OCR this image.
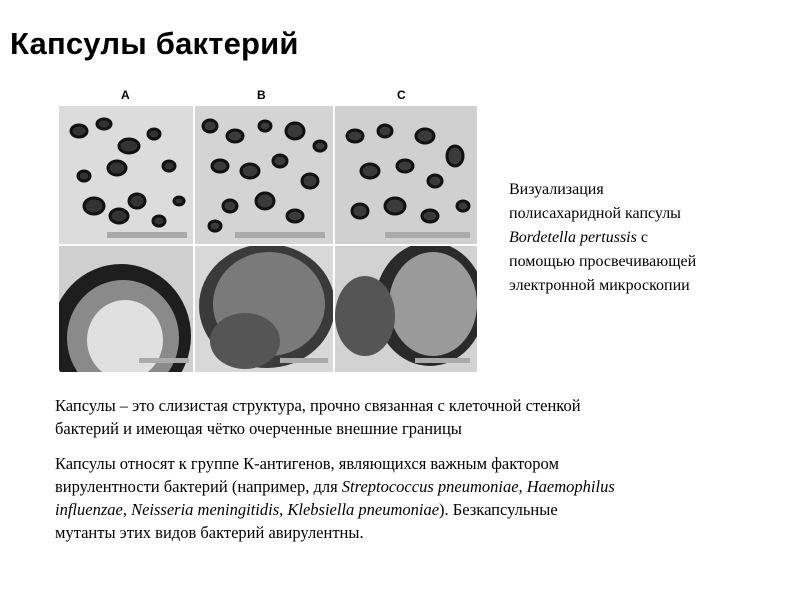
Капсулы бактерий
A	B	C
Визуализация
полисахаридной капсулы
Bordetella pertussis с
помощью просвечивающей
электронной микроскопии
Капсулы – это слизистая структура, прочно связанная с клеточной стенкой
бактерий и имеющая чётко очерченные внешние границы
Капсулы относят к группе К-антигенов, являющихся важным фактором
вирулентности бактерий (например, для Streptococcus pneumoniae, Haemophilus
influenzae, Neisseria meningitidis, Klebsiella pneumoniae). Безкапсульные
мутанты этих видов бактерий авирулентны.
